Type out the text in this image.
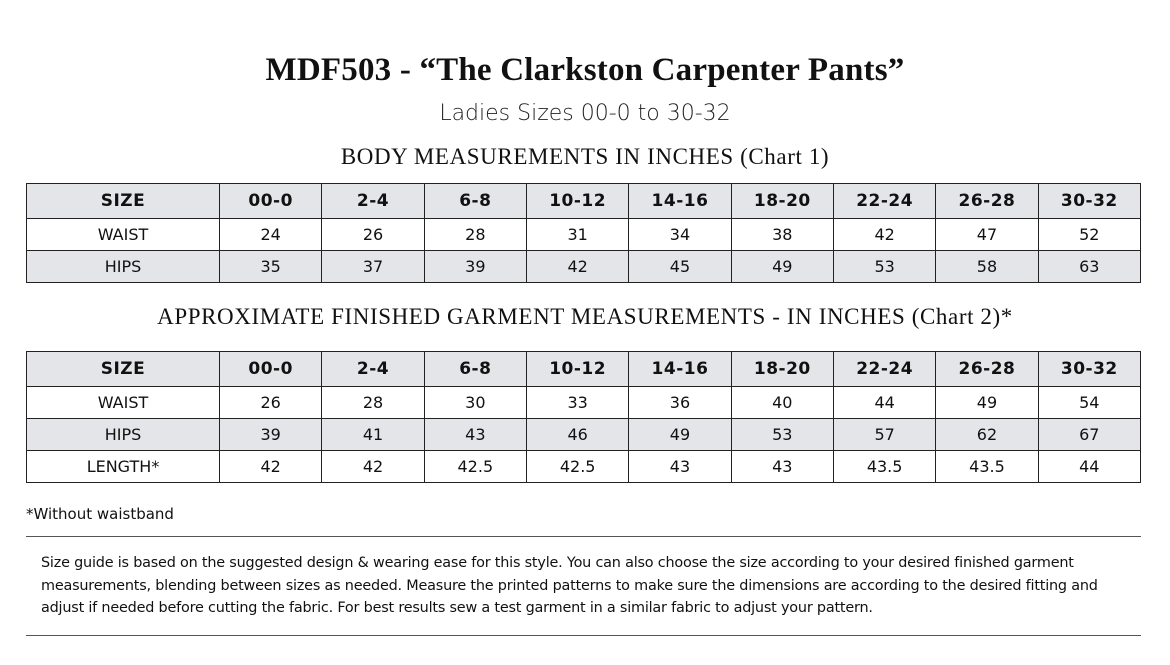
MDF503 - “The Clarkston Carpenter Pants”
Ladies Sizes 00-0 to 30-32
BODY MEASUREMENTS IN INCHES (Chart 1)
SIZE	00-0	2-4	6-8	10-12	14-16	18-20	22-24	26-28	30-32
WAIST	24	26	28	31	34	38	42	47	52
HIPS	35	37	39	42	45	49	53	58	63
APPROXIMATE FINISHED GARMENT MEASUREMENTS - IN INCHES (Chart 2)*
SIZE	00-0	2-4	6-8	10-12	14-16	18-20	22-24	26-28	30-32
WAIST	26	28	30	33	36	40	44	49	54
HIPS	39	41	43	46	49	53	57	62	67
LENGTH*	42	42	42.5	42.5	43	43	43.5	43.5	44
*Without waistband
Size guide is based on the suggested design & wearing ease for this style. You can also choose the size according to your desired finished garment measurements, blending between sizes as needed. Measure the printed patterns to make sure the dimensions are according to the desired fitting and adjust if needed before cutting the fabric. For best results sew a test garment in a similar fabric to adjust your pattern.
